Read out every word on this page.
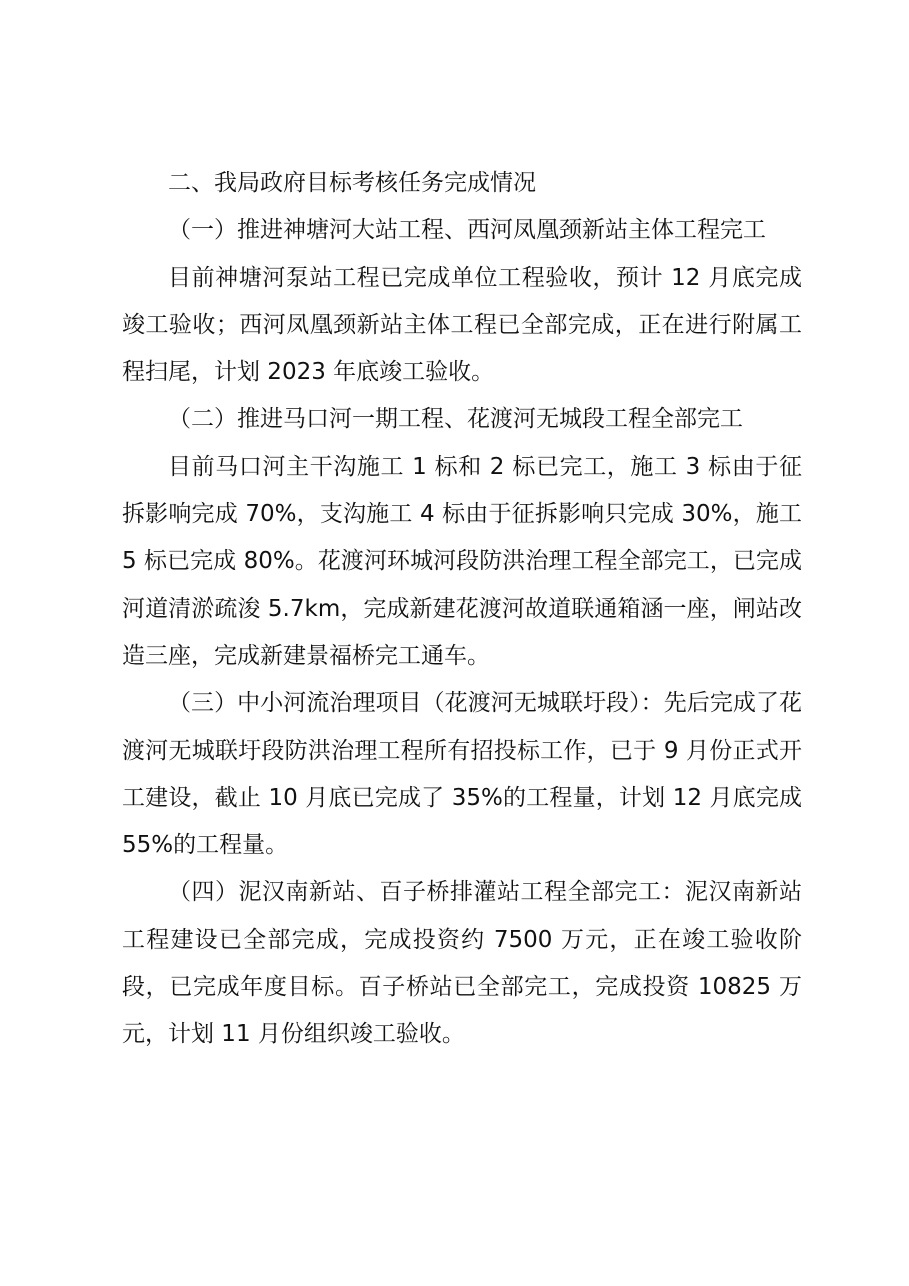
二、我局政府目标考核任务完成情况

（一）推进神塘河大站工程、西河凤凰颈新站主体工程完工

目前神塘河泵站工程已完成单位工程验收，预计 12 月底完成竣工验收；西河凤凰颈新站主体工程已全部完成，正在进行附属工程扫尾，计划 2023 年底竣工验收。

（二）推进马口河一期工程、花渡河无城段工程全部完工

目前马口河主干沟施工 1 标和 2 标已完工，施工 3 标由于征拆影响完成 70%，支沟施工 4 标由于征拆影响只完成 30%，施工 5 标已完成 80%。花渡河环城河段防洪治理工程全部完工，已完成河道清淤疏浚 5.7km，完成新建花渡河故道联通箱涵一座，闸站改造三座，完成新建景福桥完工通车。

（三）中小河流治理项目（花渡河无城联圩段）：先后完成了花渡河无城联圩段防洪治理工程所有招投标工作，已于 9 月份正式开工建设，截止 10 月底已完成了 35%的工程量，计划 12 月底完成 55%的工程量。

（四）泥汉南新站、百子桥排灌站工程全部完工：泥汉南新站工程建设已全部完成，完成投资约 7500 万元，正在竣工验收阶段，已完成年度目标。百子桥站已全部完工，完成投资 10825 万元，计划 11 月份组织竣工验收。
